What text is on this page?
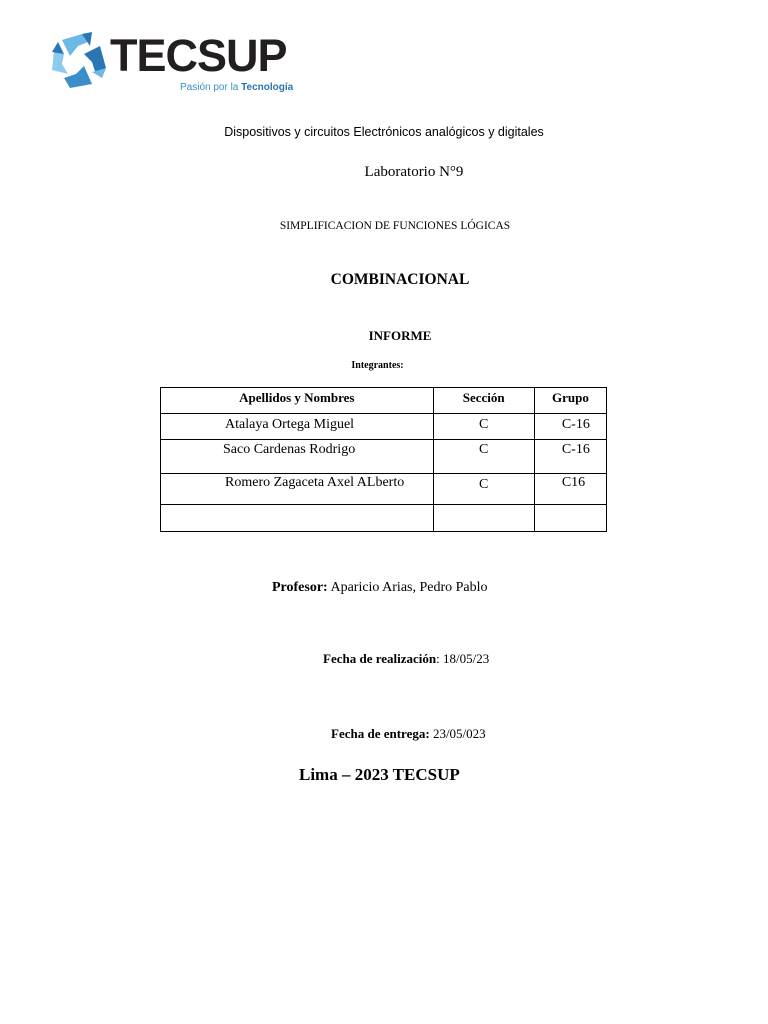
TECSUP
Pasión por la Tecnología
Dispositivos y circuitos Electrónicos analógicos y digitales
Laboratorio N°9
SIMPLIFICACION DE FUNCIONES LÓGICAS
COMBINACIONAL
INFORME
Integrantes:
Apellidos y Nombres	Sección	Grupo
Atalaya Ortega Miguel	C	C-16
Saco Cardenas Rodrigo	C	C-16
Romero Zagaceta Axel ALberto	C	C16

Profesor: Aparicio Arias, Pedro Pablo
Fecha de realización: 18/05/23
Fecha de entrega: 23/05/023
Lima – 2023 TECSUP
